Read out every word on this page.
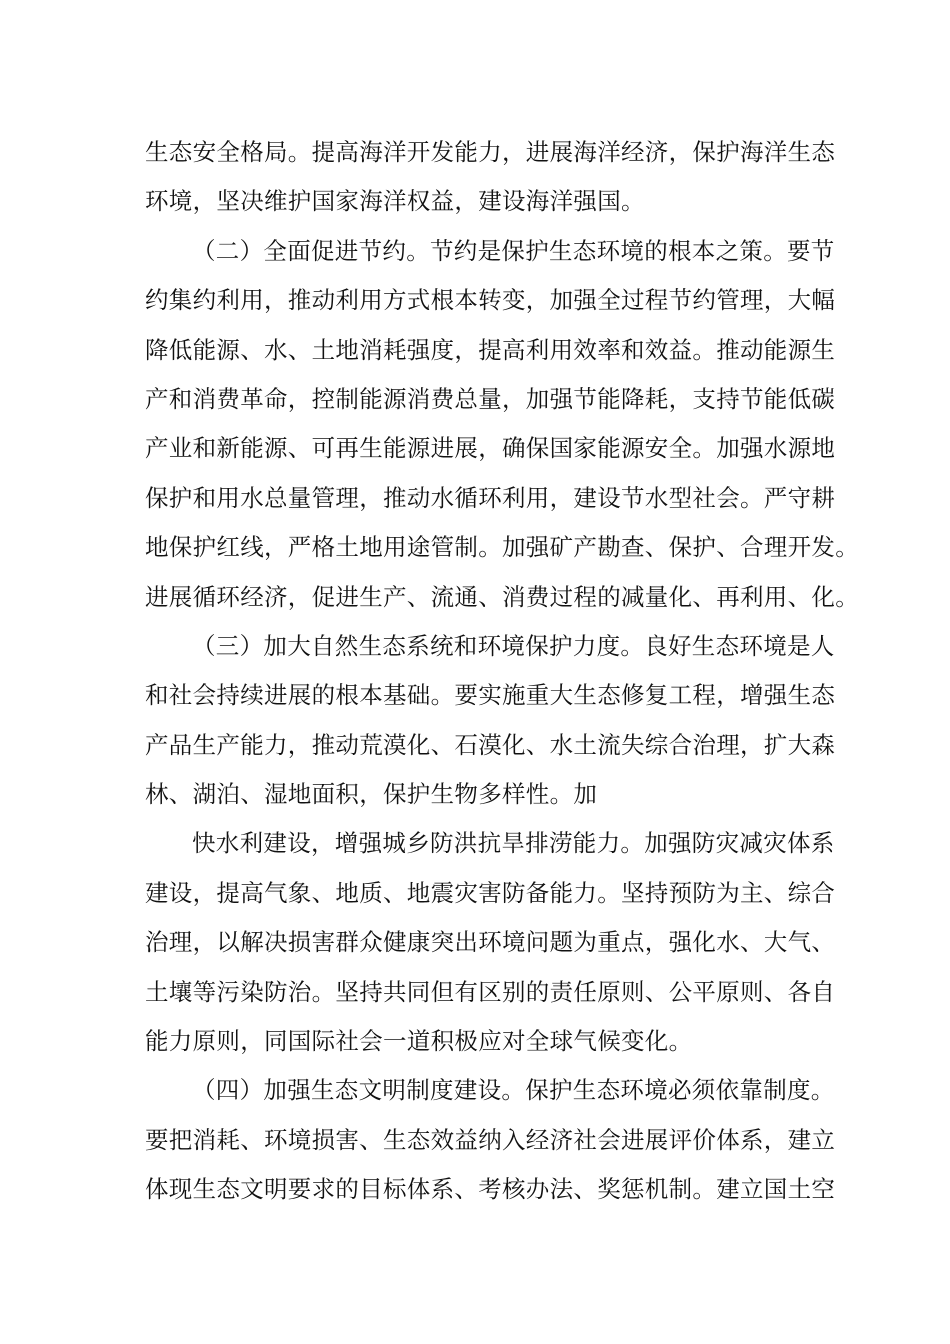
生态安全格局。提高海洋开发能力，进展海洋经济，保护海洋生态
环境，坚决维护国家海洋权益，建设海洋强国。
（二）全面促进节约。节约是保护生态环境的根本之策。要节
约集约利用，推动利用方式根本转变，加强全过程节约管理，大幅
降低能源、水、土地消耗强度，提高利用效率和效益。推动能源生
产和消费革命，控制能源消费总量，加强节能降耗，支持节能低碳
产业和新能源、可再生能源进展，确保国家能源安全。加强水源地
保护和用水总量管理，推动水循环利用，建设节水型社会。严守耕
地保护红线，严格土地用途管制。加强矿产勘查、保护、合理开发。
进展循环经济，促进生产、流通、消费过程的减量化、再利用、化。
（三）加大自然生态系统和环境保护力度。良好生态环境是人
和社会持续进展的根本基础。要实施重大生态修复工程，增强生态
产品生产能力，推动荒漠化、石漠化、水土流失综合治理，扩大森
林、湖泊、湿地面积，保护生物多样性。加
快水利建设，增强城乡防洪抗旱排涝能力。加强防灾减灾体系
建设，提高气象、地质、地震灾害防备能力。坚持预防为主、综合
治理，以解决损害群众健康突出环境问题为重点，强化水、大气、
土壤等污染防治。坚持共同但有区别的责任原则、公平原则、各自
能力原则，同国际社会一道积极应对全球气候变化。
（四）加强生态文明制度建设。保护生态环境必须依靠制度。
要把消耗、环境损害、生态效益纳入经济社会进展评价体系，建立
体现生态文明要求的目标体系、考核办法、奖惩机制。建立国土空
